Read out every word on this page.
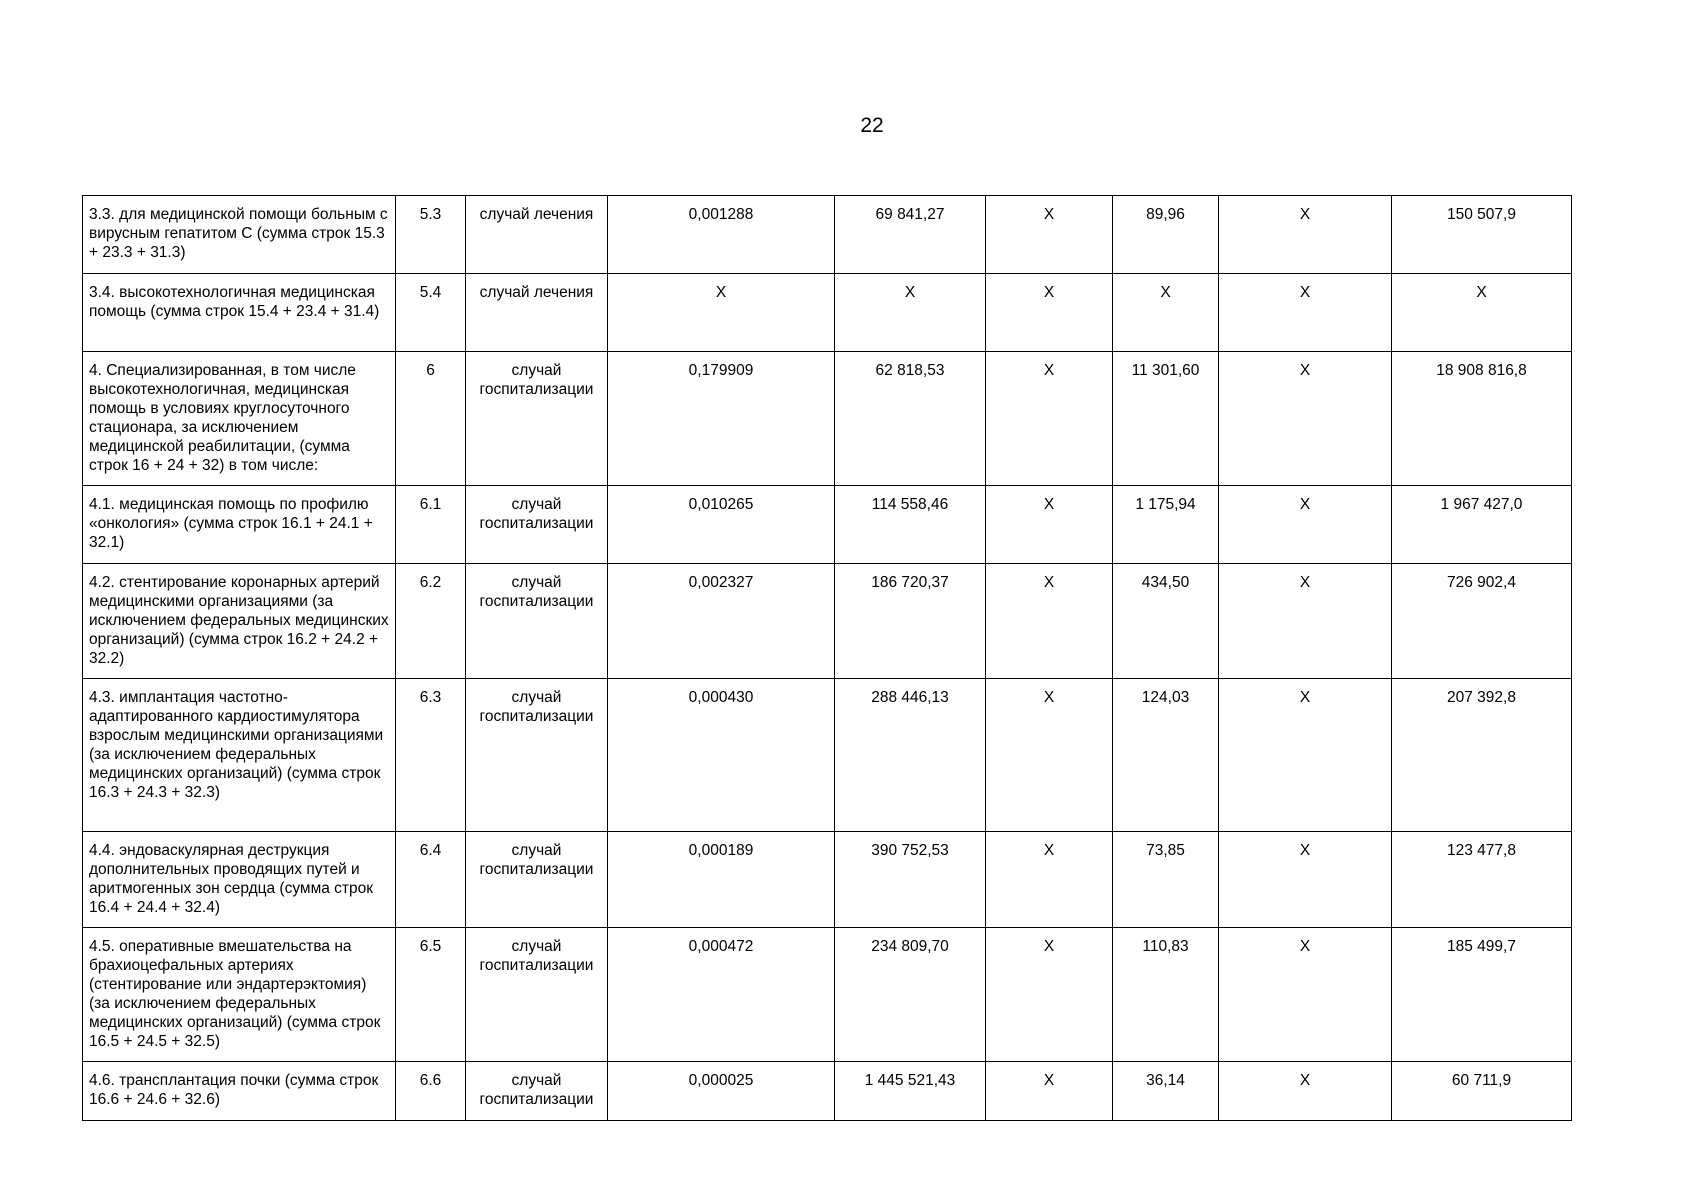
22
3.3. для медицинской помощи больным с вирусным гепатитом С (сумма строк 15.3 + 23.3 + 31.3)	5.3	случай лечения	0,001288	69 841,27	Х	89,96	Х	150 507,9
3.4. высокотехнологичная медицинская помощь (сумма строк 15.4 + 23.4 + 31.4)	5.4	случай лечения	Х	Х	Х	Х	Х	Х
4. Специализированная, в том числе высокотехнологичная, медицинская помощь в условиях круглосуточного стационара, за исключением медицинской реабилитации, (сумма строк 16 + 24 + 32) в том числе:	6	случай госпитализации	0,179909	62 818,53	Х	11 301,60	Х	18 908 816,8
4.1. медицинская помощь по профилю «онкология» (сумма строк 16.1 + 24.1 + 32.1)	6.1	случай госпитализации	0,010265	114 558,46	Х	1 175,94	Х	1 967 427,0
4.2. стентирование коронарных артерий медицинскими организациями (за исключением федеральных медицинских организаций) (сумма строк 16.2 + 24.2 + 32.2)	6.2	случай госпитализации	0,002327	186 720,37	Х	434,50	Х	726 902,4
4.3. имплантация частотно-адаптированного кардиостимулятора взрослым медицинскими организациями (за исключением федеральных медицинских организаций) (сумма строк 16.3 + 24.3 + 32.3)	6.3	случай госпитализации	0,000430	288 446,13	Х	124,03	Х	207 392,8
4.4. эндоваскулярная деструкция дополнительных проводящих путей и аритмогенных зон сердца (сумма строк 16.4 + 24.4 + 32.4)	6.4	случай госпитализации	0,000189	390 752,53	Х	73,85	Х	123 477,8
4.5. оперативные вмешательства на брахиоцефальных артериях (стентирование или эндартерэктомия) (за исключением федеральных медицинских организаций) (сумма строк 16.5 + 24.5 + 32.5)	6.5	случай госпитализации	0,000472	234 809,70	Х	110,83	Х	185 499,7
4.6. трансплантация почки (сумма строк 16.6 + 24.6 + 32.6)	6.6	случай госпитализации	0,000025	1 445 521,43	Х	36,14	Х	60 711,9
